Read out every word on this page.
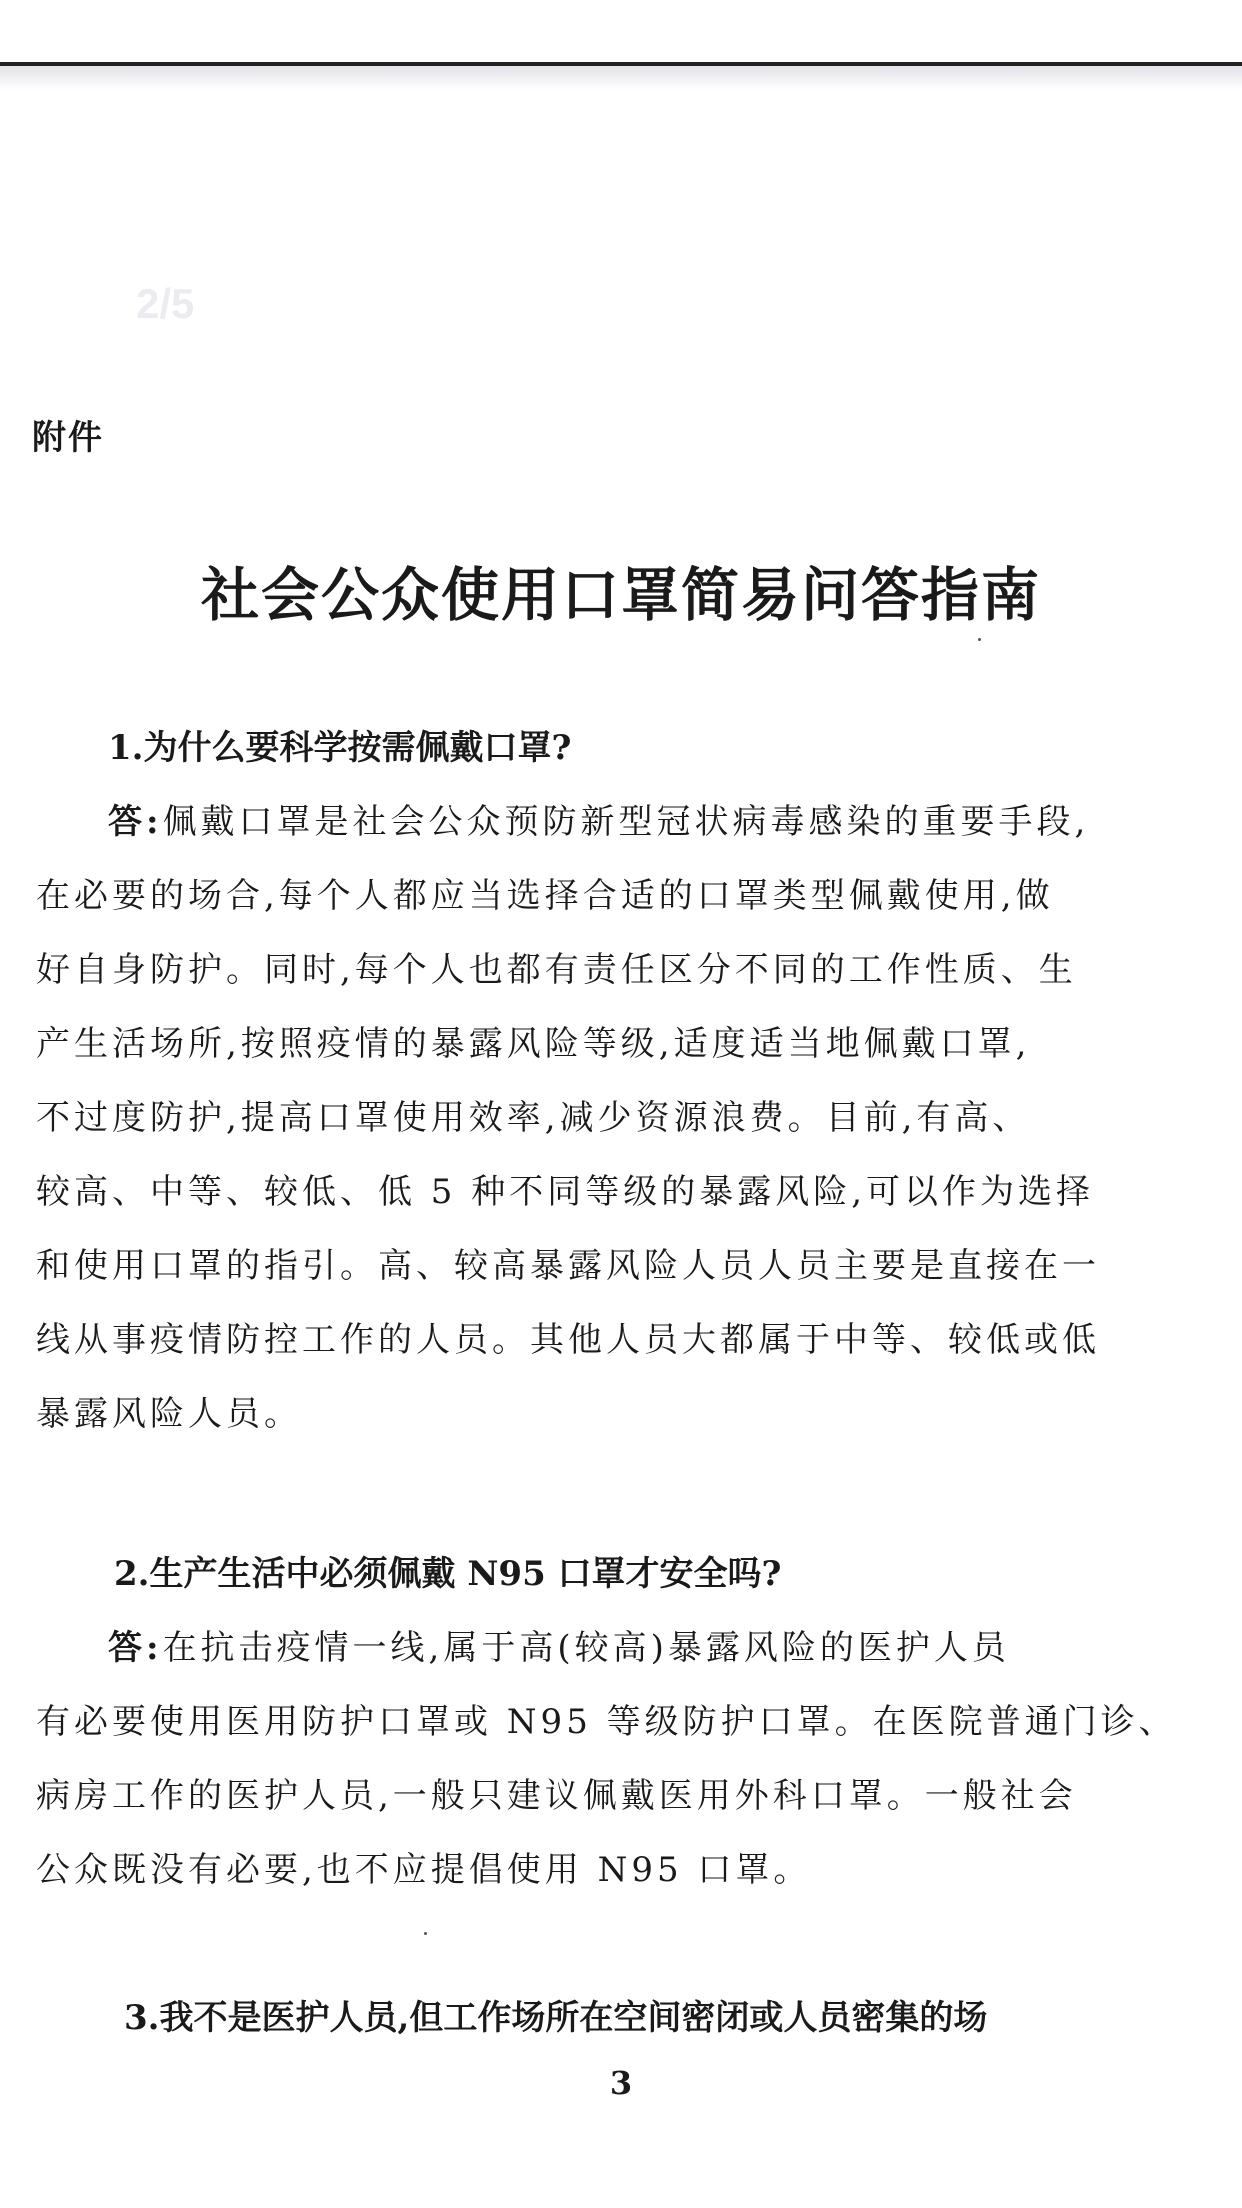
2/5
附件
社会公众使用口罩简易问答指南
1.为什么要科学按需佩戴口罩?
答:佩戴口罩是社会公众预防新型冠状病毒感染的重要手段,
在必要的场合,每个人都应当选择合适的口罩类型佩戴使用,做
好自身防护。同时,每个人也都有责任区分不同的工作性质、生
产生活场所,按照疫情的暴露风险等级,适度适当地佩戴口罩,
不过度防护,提高口罩使用效率,减少资源浪费。目前,有高、
较高、中等、较低、低 5 种不同等级的暴露风险,可以作为选择
和使用口罩的指引。高、较高暴露风险人员人员主要是直接在一
线从事疫情防控工作的人员。其他人员大都属于中等、较低或低
暴露风险人员。
2.生产生活中必须佩戴 N95 口罩才安全吗?
答:在抗击疫情一线,属于高(较高)暴露风险的医护人员
有必要使用医用防护口罩或 N95 等级防护口罩。在医院普通门诊、
病房工作的医护人员,一般只建议佩戴医用外科口罩。一般社会
公众既没有必要,也不应提倡使用 N95 口罩。
3.我不是医护人员,但工作场所在空间密闭或人员密集的场
3
